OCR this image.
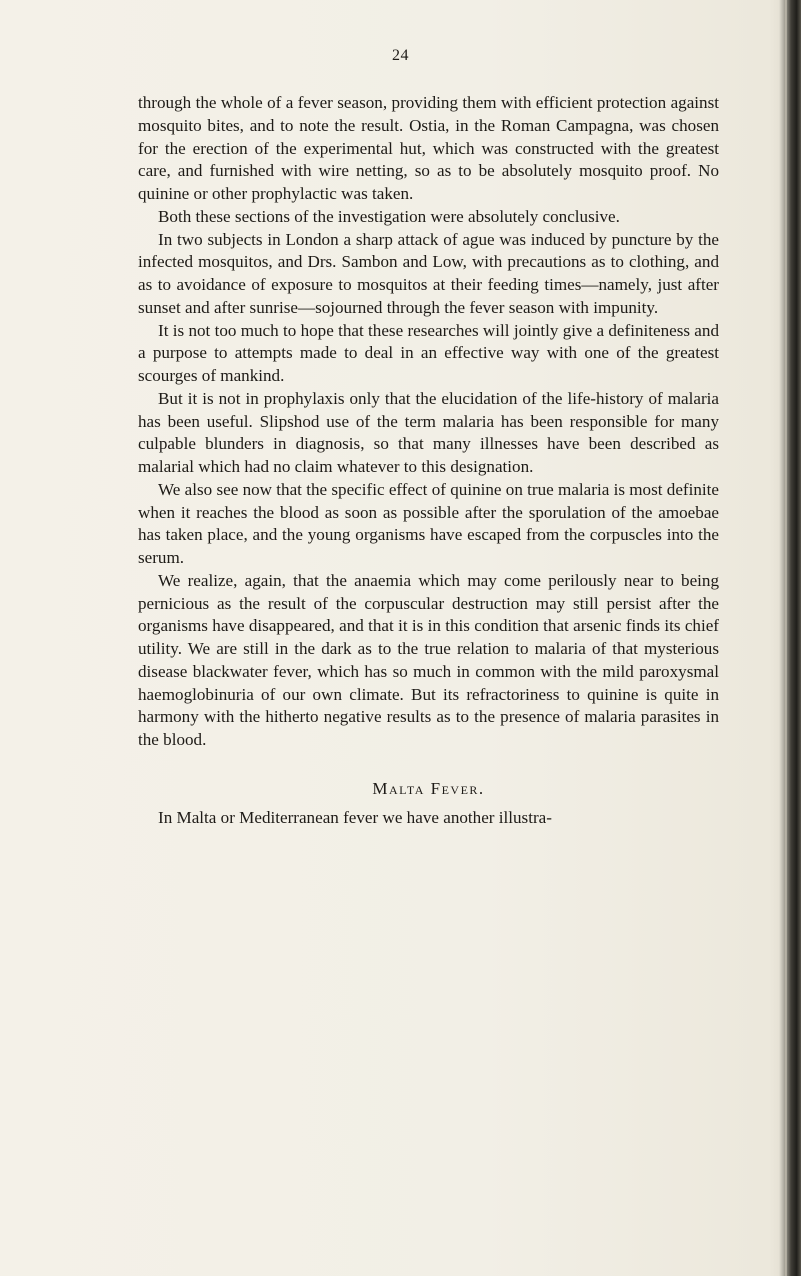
24

through the whole of a fever season, providing them with efficient protection against mosquito bites, and to note the result. Ostia, in the Roman Campagna, was chosen for the erection of the experimental hut, which was constructed with the greatest care, and furnished with wire netting, so as to be absolutely mosquito proof. No quinine or other prophylactic was taken.

Both these sections of the investigation were absolutely conclusive.

In two subjects in London a sharp attack of ague was induced by puncture by the infected mosquitos, and Drs. Sambon and Low, with precautions as to clothing, and as to avoidance of exposure to mosquitos at their feeding times—namely, just after sunset and after sunrise—sojourned through the fever season with impunity.

It is not too much to hope that these researches will jointly give a definiteness and a purpose to attempts made to deal in an effective way with one of the greatest scourges of mankind.

But it is not in prophylaxis only that the elucidation of the life-history of malaria has been useful. Slipshod use of the term malaria has been responsible for many culpable blunders in diagnosis, so that many illnesses have been described as malarial which had no claim whatever to this designation.

We also see now that the specific effect of quinine on true malaria is most definite when it reaches the blood as soon as possible after the sporulation of the amoebae has taken place, and the young organisms have escaped from the corpuscles into the serum.

We realize, again, that the anaemia which may come perilously near to being pernicious as the result of the corpuscular destruction may still persist after the organisms have disappeared, and that it is in this condition that arsenic finds its chief utility. We are still in the dark as to the true relation to malaria of that mysterious disease blackwater fever, which has so much in common with the mild paroxysmal haemoglobinuria of our own climate. But its refractoriness to quinine is quite in harmony with the hitherto negative results as to the presence of malaria parasites in the blood.

Malta Fever.

In Malta or Mediterranean fever we have another illustra-
